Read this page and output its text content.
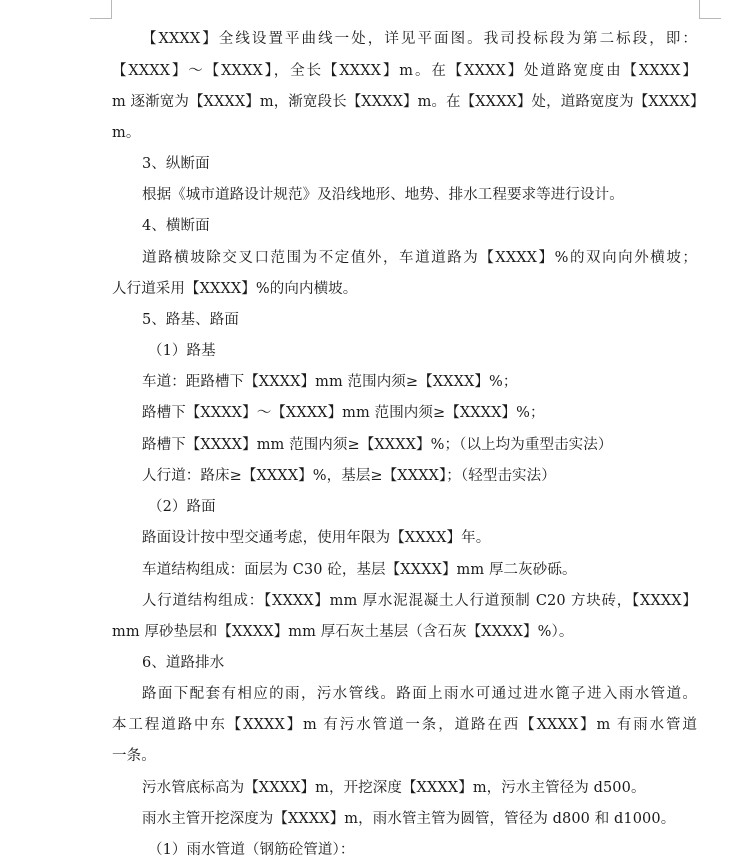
【XXXX】全线设置平曲线一处，详见平面图。我司投标段为第二标段，即：
【XXXX】～【XXXX】，全长【XXXX】m。在【XXXX】处道路宽度由【XXXX】
m 逐渐宽为【XXXX】m，渐宽段长【XXXX】m。在【XXXX】处，道路宽度为【XXXX】
m。
3、纵断面
根据《城市道路设计规范》及沿线地形、地势、排水工程要求等进行设计。
4、横断面
道路横坡除交叉口范围为不定值外，车道道路为【XXXX】%的双向向外横坡；
人行道采用【XXXX】%的向内横坡。
5、路基、路面
（1）路基
车道：距路槽下【XXXX】mm 范围内须≥【XXXX】%；
路槽下【XXXX】～【XXXX】mm 范围内须≥【XXXX】%；
路槽下【XXXX】mm 范围内须≥【XXXX】%；（以上均为重型击实法）
人行道：路床≥【XXXX】%，基层≥【XXXX】；（轻型击实法）
（2）路面
路面设计按中型交通考虑，使用年限为【XXXX】年。
车道结构组成：面层为 C30 砼，基层【XXXX】mm 厚二灰砂砾。
人行道结构组成：【XXXX】mm 厚水泥混凝土人行道预制 C20 方块砖，【XXXX】
mm 厚砂垫层和【XXXX】mm 厚石灰土基层（含石灰【XXXX】%）。
6、道路排水
路面下配套有相应的雨，污水管线。路面上雨水可通过进水篦子进入雨水管道。
本工程道路中东【XXXX】m 有污水管道一条，道路在西【XXXX】m 有雨水管道
一条。
污水管底标高为【XXXX】m，开挖深度【XXXX】m，污水主管径为 d500。
雨水主管开挖深度为【XXXX】m，雨水管主管为圆管，管径为 d800 和 d1000。
（1）雨水管道（钢筋砼管道）：
